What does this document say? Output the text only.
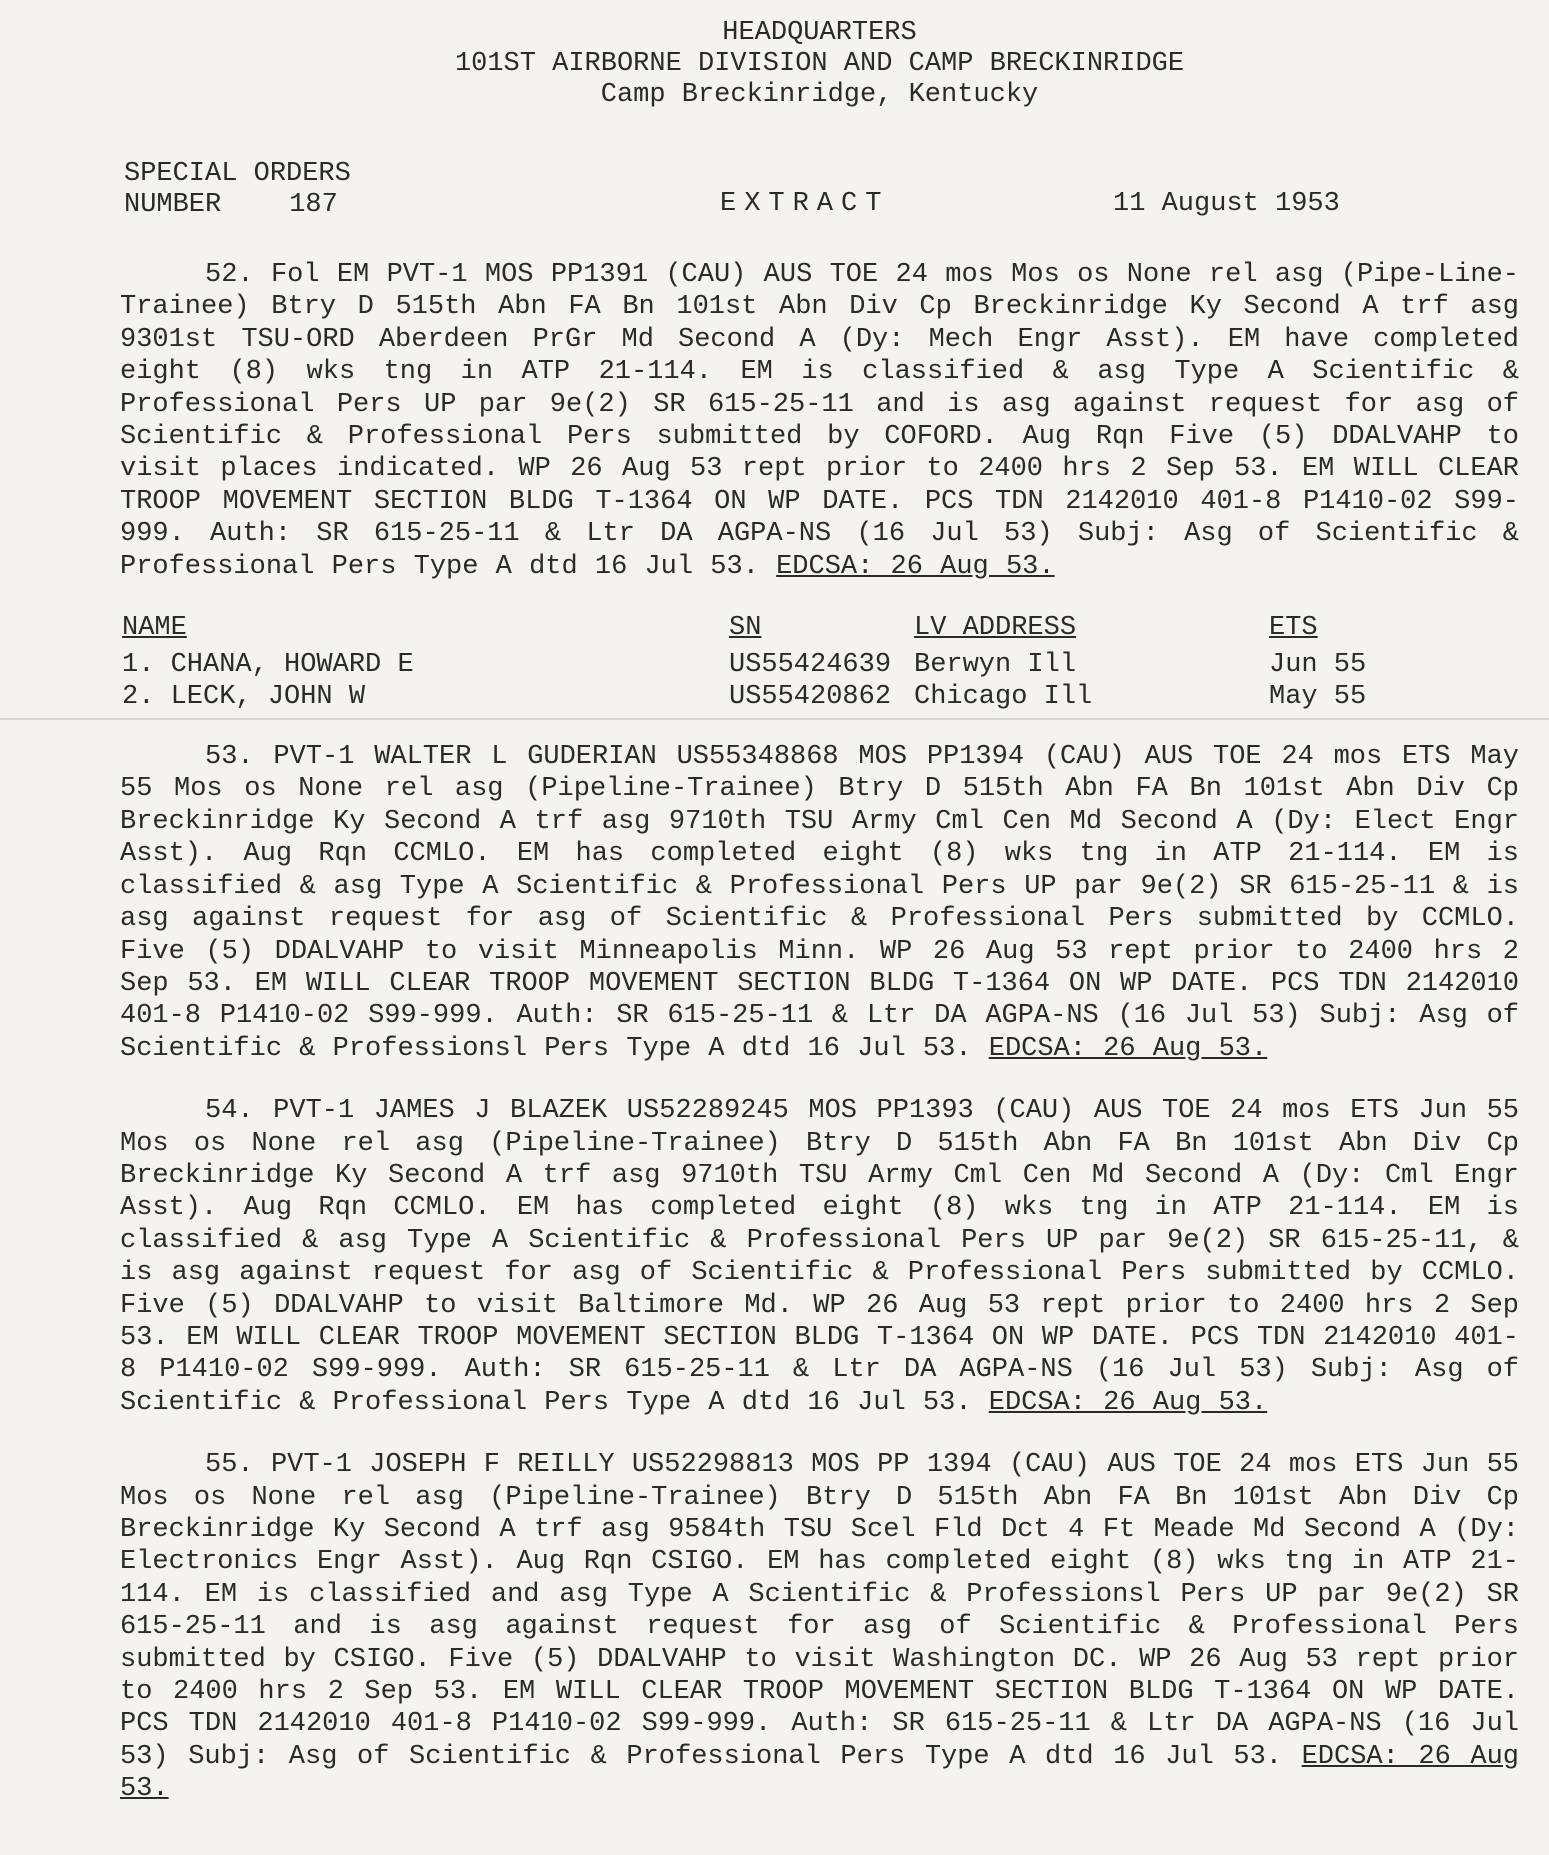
HEADQUARTERS
101ST AIRBORNE DIVISION AND CAMP BRECKINRIDGE
Camp Breckinridge, Kentucky
SPECIAL ORDERS
NUMBER	187	EXTRACT	11 August 1953

52. Fol EM PVT-1 MOS PP1391 (CAU) AUS TOE 24 mos Mos os None rel asg (Pipe-Line-Trainee) Btry D 515th Abn FA Bn 101st Abn Div Cp Breckinridge Ky Second A trf asg 9301st TSU-ORD Aberdeen PrGr Md Second A (Dy: Mech Engr Asst). EM have completed eight (8) wks tng in ATP 21-114. EM is classified & asg Type A Scientific & Professional Pers UP par 9e(2) SR 615-25-11 and is asg against request for asg of Scientific & Professional Pers submitted by COFORD. Aug Rqn Five (5) DDALVAHP to visit places indicated. WP 26 Aug 53 rept prior to 2400 hrs 2 Sep 53. EM WILL CLEAR TROOP MOVEMENT SECTION BLDG T-1364 ON WP DATE. PCS TDN 2142010 401-8 P1410-02 S99-999. Auth: SR 615-25-11 & Ltr DA AGPA-NS (16 Jul 53) Subj: Asg of Scientific & Professional Pers Type A dtd 16 Jul 53. EDCSA: 26 Aug 53.

NAME	SN	LV ADDRESS	ETS
1. CHANA, HOWARD E	US55424639	Berwyn Ill	Jun 55
2. LECK, JOHN W	US55420862	Chicago Ill	May 55

53. PVT-1 WALTER L GUDERIAN US55348868 MOS PP1394 (CAU) AUS TOE 24 mos ETS May 55 Mos os None rel asg (Pipeline-Trainee) Btry D 515th Abn FA Bn 101st Abn Div Cp Breckinridge Ky Second A trf asg 9710th TSU Army Cml Cen Md Second A (Dy: Elect Engr Asst). Aug Rqn CCMLO. EM has completed eight (8) wks tng in ATP 21-114. EM is classified & asg Type A Scientific & Professional Pers UP par 9e(2) SR 615-25-11 & is asg against request for asg of Scientific & Professional Pers submitted by CCMLO. Five (5) DDALVAHP to visit Minneapolis Minn. WP 26 Aug 53 rept prior to 2400 hrs 2 Sep 53. EM WILL CLEAR TROOP MOVEMENT SECTION BLDG T-1364 ON WP DATE. PCS TDN 2142010 401-8 P1410-02 S99-999. Auth: SR 615-25-11 & Ltr DA AGPA-NS (16 Jul 53) Subj: Asg of Scientific & Professionsl Pers Type A dtd 16 Jul 53. EDCSA: 26 Aug 53.

54. PVT-1 JAMES J BLAZEK US52289245 MOS PP1393 (CAU) AUS TOE 24 mos ETS Jun 55 Mos os None rel asg (Pipeline-Trainee) Btry D 515th Abn FA Bn 101st Abn Div Cp Breckinridge Ky Second A trf asg 9710th TSU Army Cml Cen Md Second A (Dy: Cml Engr Asst). Aug Rqn CCMLO. EM has completed eight (8) wks tng in ATP 21-114. EM is classified & asg Type A Scientific & Professional Pers UP par 9e(2) SR 615-25-11, & is asg against request for asg of Scientific & Professional Pers submitted by CCMLO. Five (5) DDALVAHP to visit Baltimore Md. WP 26 Aug 53 rept prior to 2400 hrs 2 Sep 53. EM WILL CLEAR TROOP MOVEMENT SECTION BLDG T-1364 ON WP DATE. PCS TDN 2142010 401-8 P1410-02 S99-999. Auth: SR 615-25-11 & Ltr DA AGPA-NS (16 Jul 53) Subj: Asg of Scientific & Professional Pers Type A dtd 16 Jul 53. EDCSA: 26 Aug 53.

55. PVT-1 JOSEPH F REILLY US52298813 MOS PP 1394 (CAU) AUS TOE 24 mos ETS Jun 55 Mos os None rel asg (Pipeline-Trainee) Btry D 515th Abn FA Bn 101st Abn Div Cp Breckinridge Ky Second A trf asg 9584th TSU Scel Fld Dct 4 Ft Meade Md Second A (Dy: Electronics Engr Asst). Aug Rqn CSIGO. EM has completed eight (8) wks tng in ATP 21-114. EM is classified and asg Type A Scientific & Professionsl Pers UP par 9e(2) SR 615-25-11 and is asg against request for asg of Scientific & Professional Pers submitted by CSIGO. Five (5) DDALVAHP to visit Washington DC. WP 26 Aug 53 rept prior to 2400 hrs 2 Sep 53. EM WILL CLEAR TROOP MOVEMENT SECTION BLDG T-1364 ON WP DATE. PCS TDN 2142010 401-8 P1410-02 S99-999. Auth: SR 615-25-11 & Ltr DA AGPA-NS (16 Jul 53) Subj: Asg of Scientific & Professional Pers Type A dtd 16 Jul 53. EDCSA: 26 Aug 53.
